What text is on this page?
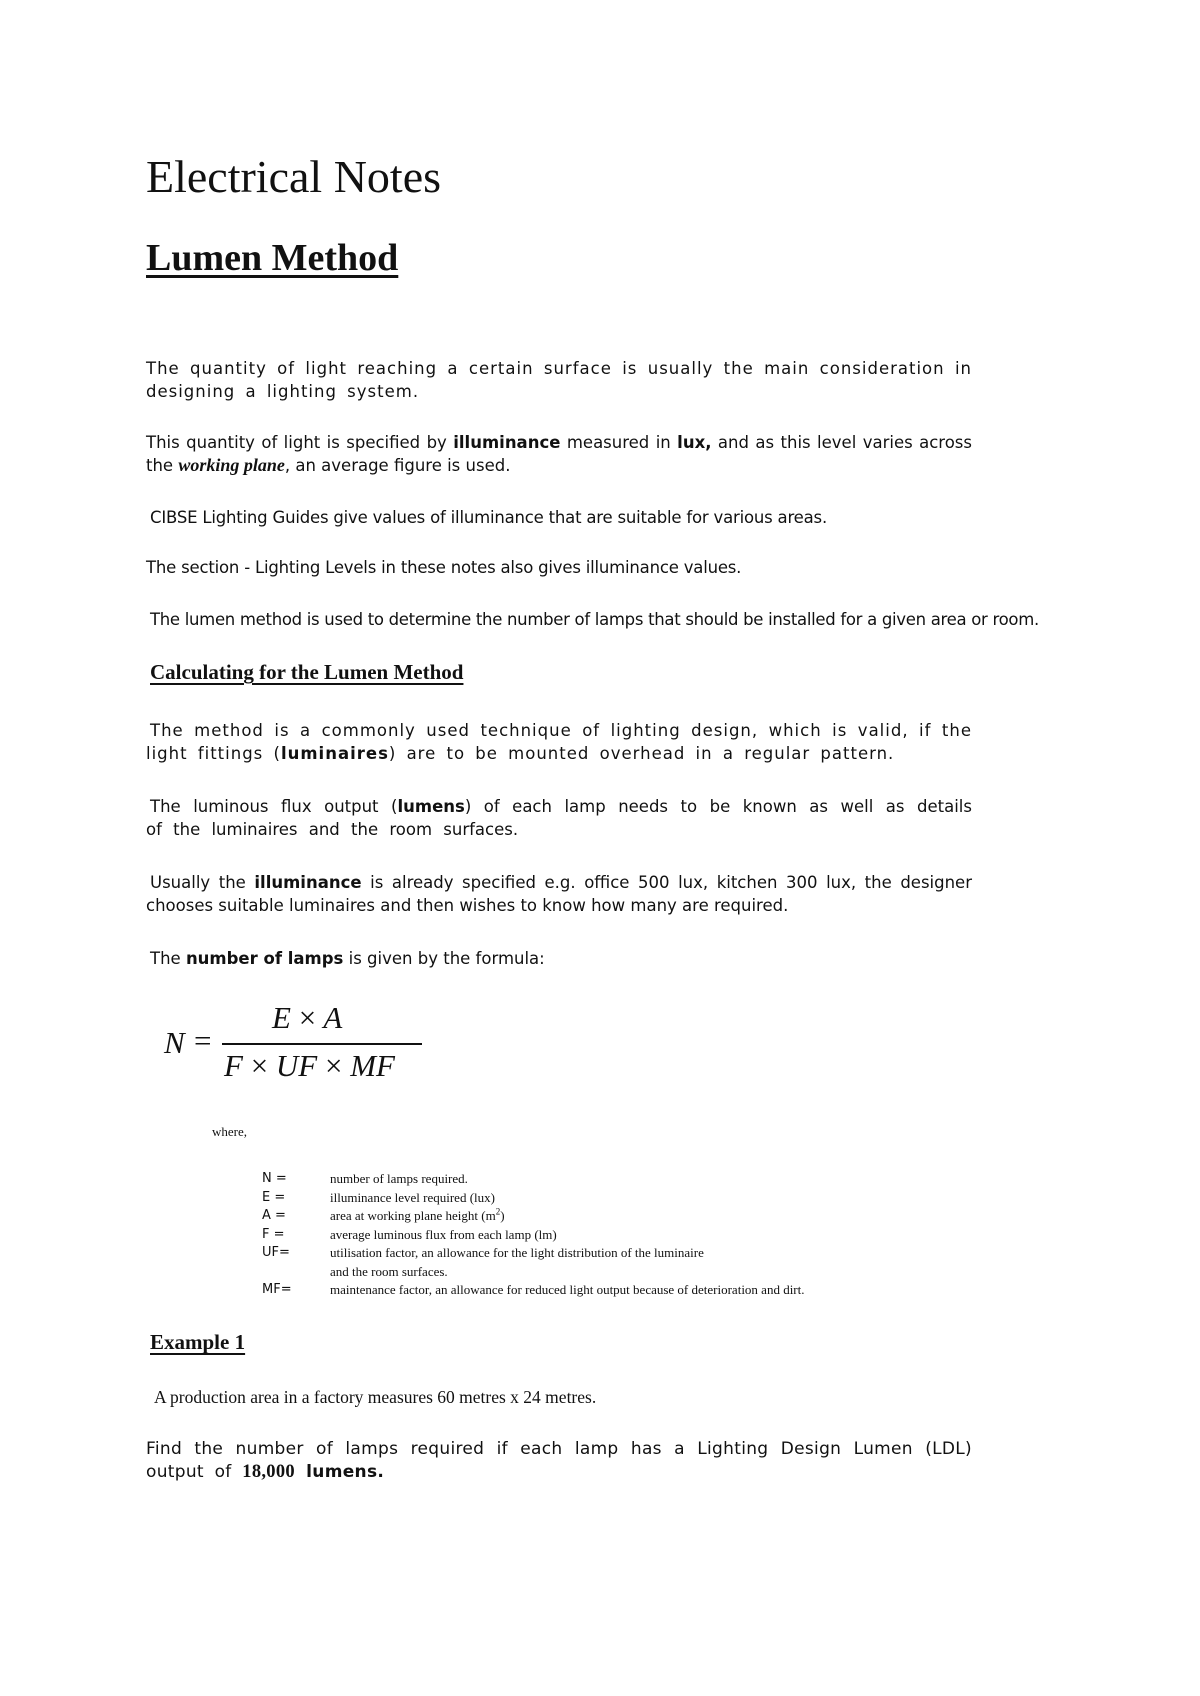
Electrical Notes
Lumen Method
The quantity of light reaching a certain surface is usually the main consideration in designing a lighting system.
This quantity of light is specified by illuminance measured in lux, and as this level varies across the working plane, an average figure is used.
CIBSE Lighting Guides give values of illuminance that are suitable for various areas.
The section - Lighting Levels in these notes also gives illuminance values.
The lumen method is used to determine the number of lamps that should be installed for a given area or room.
Calculating for the Lumen Method
The method is a commonly used technique of lighting design, which is valid, if the light fittings (luminaires) are to be mounted overhead in a regular pattern.
The luminous flux output (lumens) of each lamp needs to be known as well as details of the luminaires and the room surfaces.
Usually the illuminance is already specified e.g. office 500 lux, kitchen 300 lux, the designer chooses suitable luminaires and then wishes to know how many are required.
The number of lamps is given by the formula:
N =
E × A
F × UF × MF
where,
N =	number of lamps required.
E =	illuminance level required (lux)
A =	area at working plane height $(m^2)$
F =	average luminous flux from each lamp (lm)
UF=	utilisation factor, an allowance for the light distribution of the luminaire
and the room surfaces.
MF=	maintenance factor, an allowance for reduced light output because of deterioration and dirt.
Example 1
A production area in a factory measures 60 metres x 24 metres.
Find the number of lamps required if each lamp has a Lighting Design Lumen (LDL) output of 18,000 lumens.
